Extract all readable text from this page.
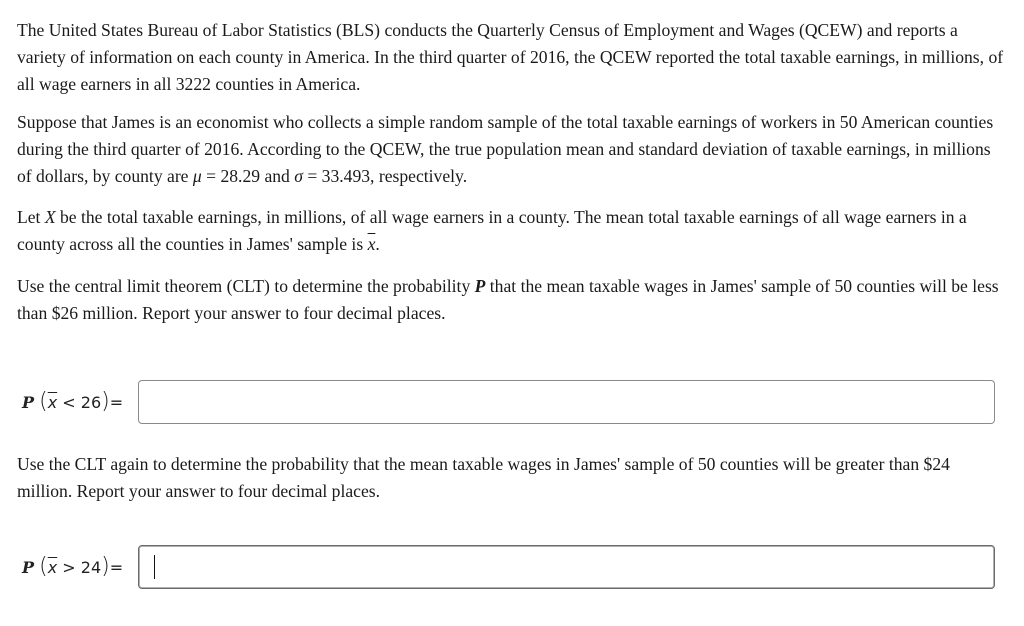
The United States Bureau of Labor Statistics (BLS) conducts the Quarterly Census of Employment and Wages (QCEW) and reports a variety of information on each county in America. In the third quarter of 2016, the QCEW reported the total taxable earnings, in millions, of all wage earners in all 3222 counties in America.

Suppose that James is an economist who collects a simple random sample of the total taxable earnings of workers in 50 American counties during the third quarter of 2016. According to the QCEW, the true population mean and standard deviation of taxable earnings, in millions of dollars, by county are μ = 28.29 and σ = 33.493, respectively.

Let X be the total taxable earnings, in millions, of all wage earners in a county. The mean total taxable earnings of all wage earners in a county across all the counties in James' sample is $\overline{x}$.

Use the central limit theorem (CLT) to determine the probability P that the mean taxable wages in James' sample of 50 counties will be less than $26 million. Report your answer to four decimal places.

P $(\overline{x} < 26)=$

Use the CLT again to determine the probability that the mean taxable wages in James' sample of 50 counties will be greater than $24 million. Report your answer to four decimal places.

P $(\overline{x} > 24)=$
